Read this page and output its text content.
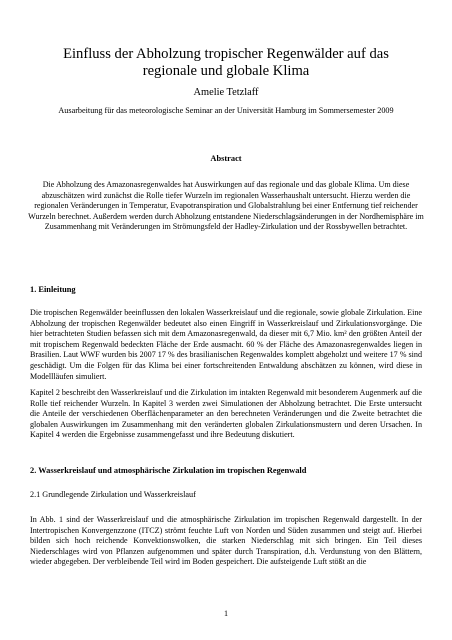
Einfluss der Abholzung tropischer Regenwälder auf das regionale und globale Klima
Amelie Tetzlaff
Ausarbeitung für das meteorologische Seminar an der Universität Hamburg im Sommersemester 2009
Abstract

Die Abholzung des Amazonasregenwaldes hat Auswirkungen auf das regionale und das globale Klima. Um diese abzuschätzen wird zunächst die Rolle tiefer Wurzeln im regionalen Wasserhaushalt untersucht. Hierzu werden die regionalen Veränderungen in Temperatur, Evapotranspiration und Globalstrahlung bei einer Entfernung tief reichender Wurzeln berechnet. Außerdem werden durch Abholzung entstandene Niederschlagsänderungen in der Nordhemisphäre im Zusammenhang mit Veränderungen im Strömungsfeld der Hadley-Zirkulation und der Rossbywellen betrachtet.

1. Einleitung

Die tropischen Regenwälder beeinflussen den lokalen Wasserkreislauf und die regionale, sowie globale Zirkulation. Eine Abholzung der tropischen Regenwälder bedeutet also einen Eingriff in Wasserkreislauf und Zirkulationsvorgänge. Die hier betrachteten Studien befassen sich mit dem Amazonasregenwald, da dieser mit 6,7 Mio. km² den größten Anteil der mit tropischem Regenwald bedeckten Fläche der Erde ausmacht. 60 % der Fläche des Amazonasregenwaldes liegen in Brasilien. Laut WWF wurden bis 2007 17 % des brasilianischen Regenwaldes komplett abgeholzt und weitere 17 % sind geschädigt. Um die Folgen für das Klima bei einer fortschreitenden Entwaldung abschätzen zu können, wird diese in Modellläufen simuliert.

Kapitel 2 beschreibt den Wasserkreislauf und die Zirkulation im intakten Regenwald mit besonderem Augenmerk auf die Rolle tief reichender Wurzeln. In Kapitel 3 werden zwei Simulationen der Abholzung betrachtet. Die Erste untersucht die Anteile der verschiedenen Oberflächenparameter an den berechneten Veränderungen und die Zweite betrachtet die globalen Auswirkungen im Zusammenhang mit den veränderten globalen Zirkulationsmustern und deren Ursachen. In Kapitel 4 werden die Ergebnisse zusammengefasst und ihre Bedeutung diskutiert.

2. Wasserkreislauf und atmosphärische Zirkulation im tropischen Regenwald
2.1 Grundlegende Zirkulation und Wasserkreislauf

In Abb. 1 sind der Wasserkreislauf und die atmosphärische Zirkulation im tropischen Regenwald dargestellt. In der Intertropischen Konvergenzzone (ITCZ) strömt feuchte Luft von Norden und Süden zusammen und steigt auf. Hierbei bilden sich hoch reichende Konvektionswolken, die starken Niederschlag mit sich bringen. Ein Teil dieses Niederschlages wird von Pflanzen aufgenommen und später durch Transpiration, d.h. Verdunstung von den Blättern, wieder abgegeben. Der verbleibende Teil wird im Boden gespeichert. Die aufsteigende Luft stößt an die

1
